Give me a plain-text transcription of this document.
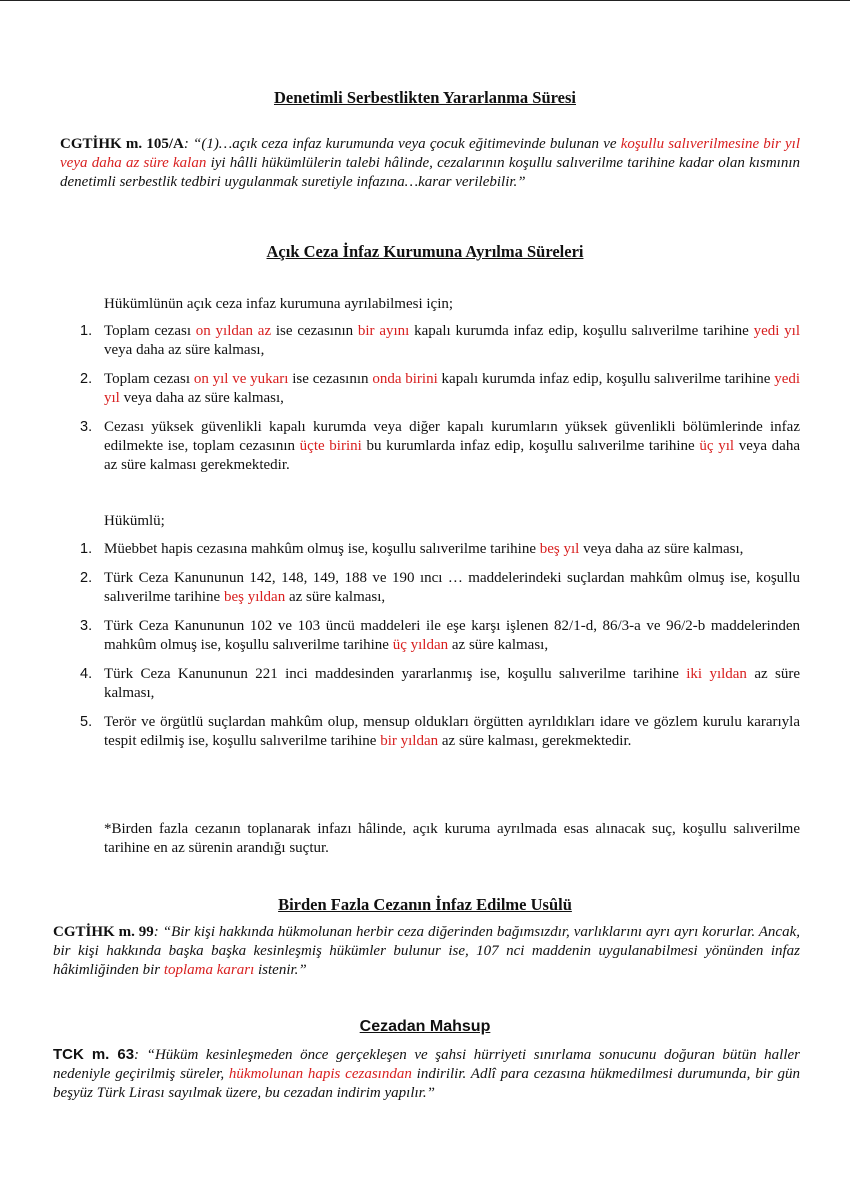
Denetimli Serbestlikten Yararlanma Süresi

CGTİHK m. 105/A: “(1)…açık ceza infaz kurumunda veya çocuk eğitimevinde bulunan ve koşullu salıverilmesine bir yıl veya daha az süre kalan iyi hâlli hükümlülerin talebi hâlinde, cezalarının koşullu salıverilme tarihine kadar olan kısmının denetimli serbestlik tedbiri uygulanmak suretiyle infazına…karar verilebilir.”

Açık Ceza İnfaz Kurumuna Ayrılma Süreleri

Hükümlünün açık ceza infaz kurumuna ayrılabilmesi için;

1. Toplam cezası on yıldan az ise cezasının bir ayını kapalı kurumda infaz edip, koşullu salıverilme tarihine yedi yıl veya daha az süre kalması,
2. Toplam cezası on yıl ve yukarı ise cezasının onda birini kapalı kurumda infaz edip, koşullu salıverilme tarihine yedi yıl veya daha az süre kalması,
3. Cezası yüksek güvenlikli kapalı kurumda veya diğer kapalı kurumların yüksek güvenlikli bölümlerinde infaz edilmekte ise, toplam cezasının üçte birini bu kurumlarda infaz edip, koşullu salıverilme tarihine üç yıl veya daha az süre kalması gerekmektedir.

Hükümlü;

1. Müebbet hapis cezasına mahkûm olmuş ise, koşullu salıverilme tarihine beş yıl veya daha az süre kalması,
2. Türk Ceza Kanununun 142, 148, 149, 188 ve 190 ıncı … maddelerindeki suçlardan mahkûm olmuş ise, koşullu salıverilme tarihine beş yıldan az süre kalması,
3. Türk Ceza Kanununun 102 ve 103 üncü maddeleri ile eşe karşı işlenen 82/1-d, 86/3-a ve 96/2-b maddelerinden mahkûm olmuş ise, koşullu salıverilme tarihine üç yıldan az süre kalması,
4. Türk Ceza Kanununun 221 inci maddesinden yararlanmış ise, koşullu salıverilme tarihine iki yıldan az süre kalması,
5. Terör ve örgütlü suçlardan mahkûm olup, mensup oldukları örgütten ayrıldıkları idare ve gözlem kurulu kararıyla tespit edilmiş ise, koşullu salıverilme tarihine bir yıldan az süre kalması, gerekmektedir.

*Birden fazla cezanın toplanarak infazı hâlinde, açık kuruma ayrılmada esas alınacak suç, koşullu salıverilme tarihine en az sürenin arandığı suçtur.

Birden Fazla Cezanın İnfaz Edilme Usûlü

CGTİHK m. 99: “Bir kişi hakkında hükmolunan herbir ceza diğerinden bağımsızdır, varlıklarını ayrı ayrı korurlar. Ancak, bir kişi hakkında başka başka kesinleşmiş hükümler bulunur ise, 107 nci maddenin uygulanabilmesi yönünden infaz hâkimliğinden bir toplama kararı istenir.”

Cezadan Mahsup

TCK m. 63: “Hüküm kesinleşmeden önce gerçekleşen ve şahsi hürriyeti sınırlama sonucunu doğuran bütün haller nedeniyle geçirilmiş süreler, hükmolunan hapis cezasından indirilir. Adlî para cezasına hükmedilmesi durumunda, bir gün beşyüz Türk Lirası sayılmak üzere, bu cezadan indirim yapılır.”
